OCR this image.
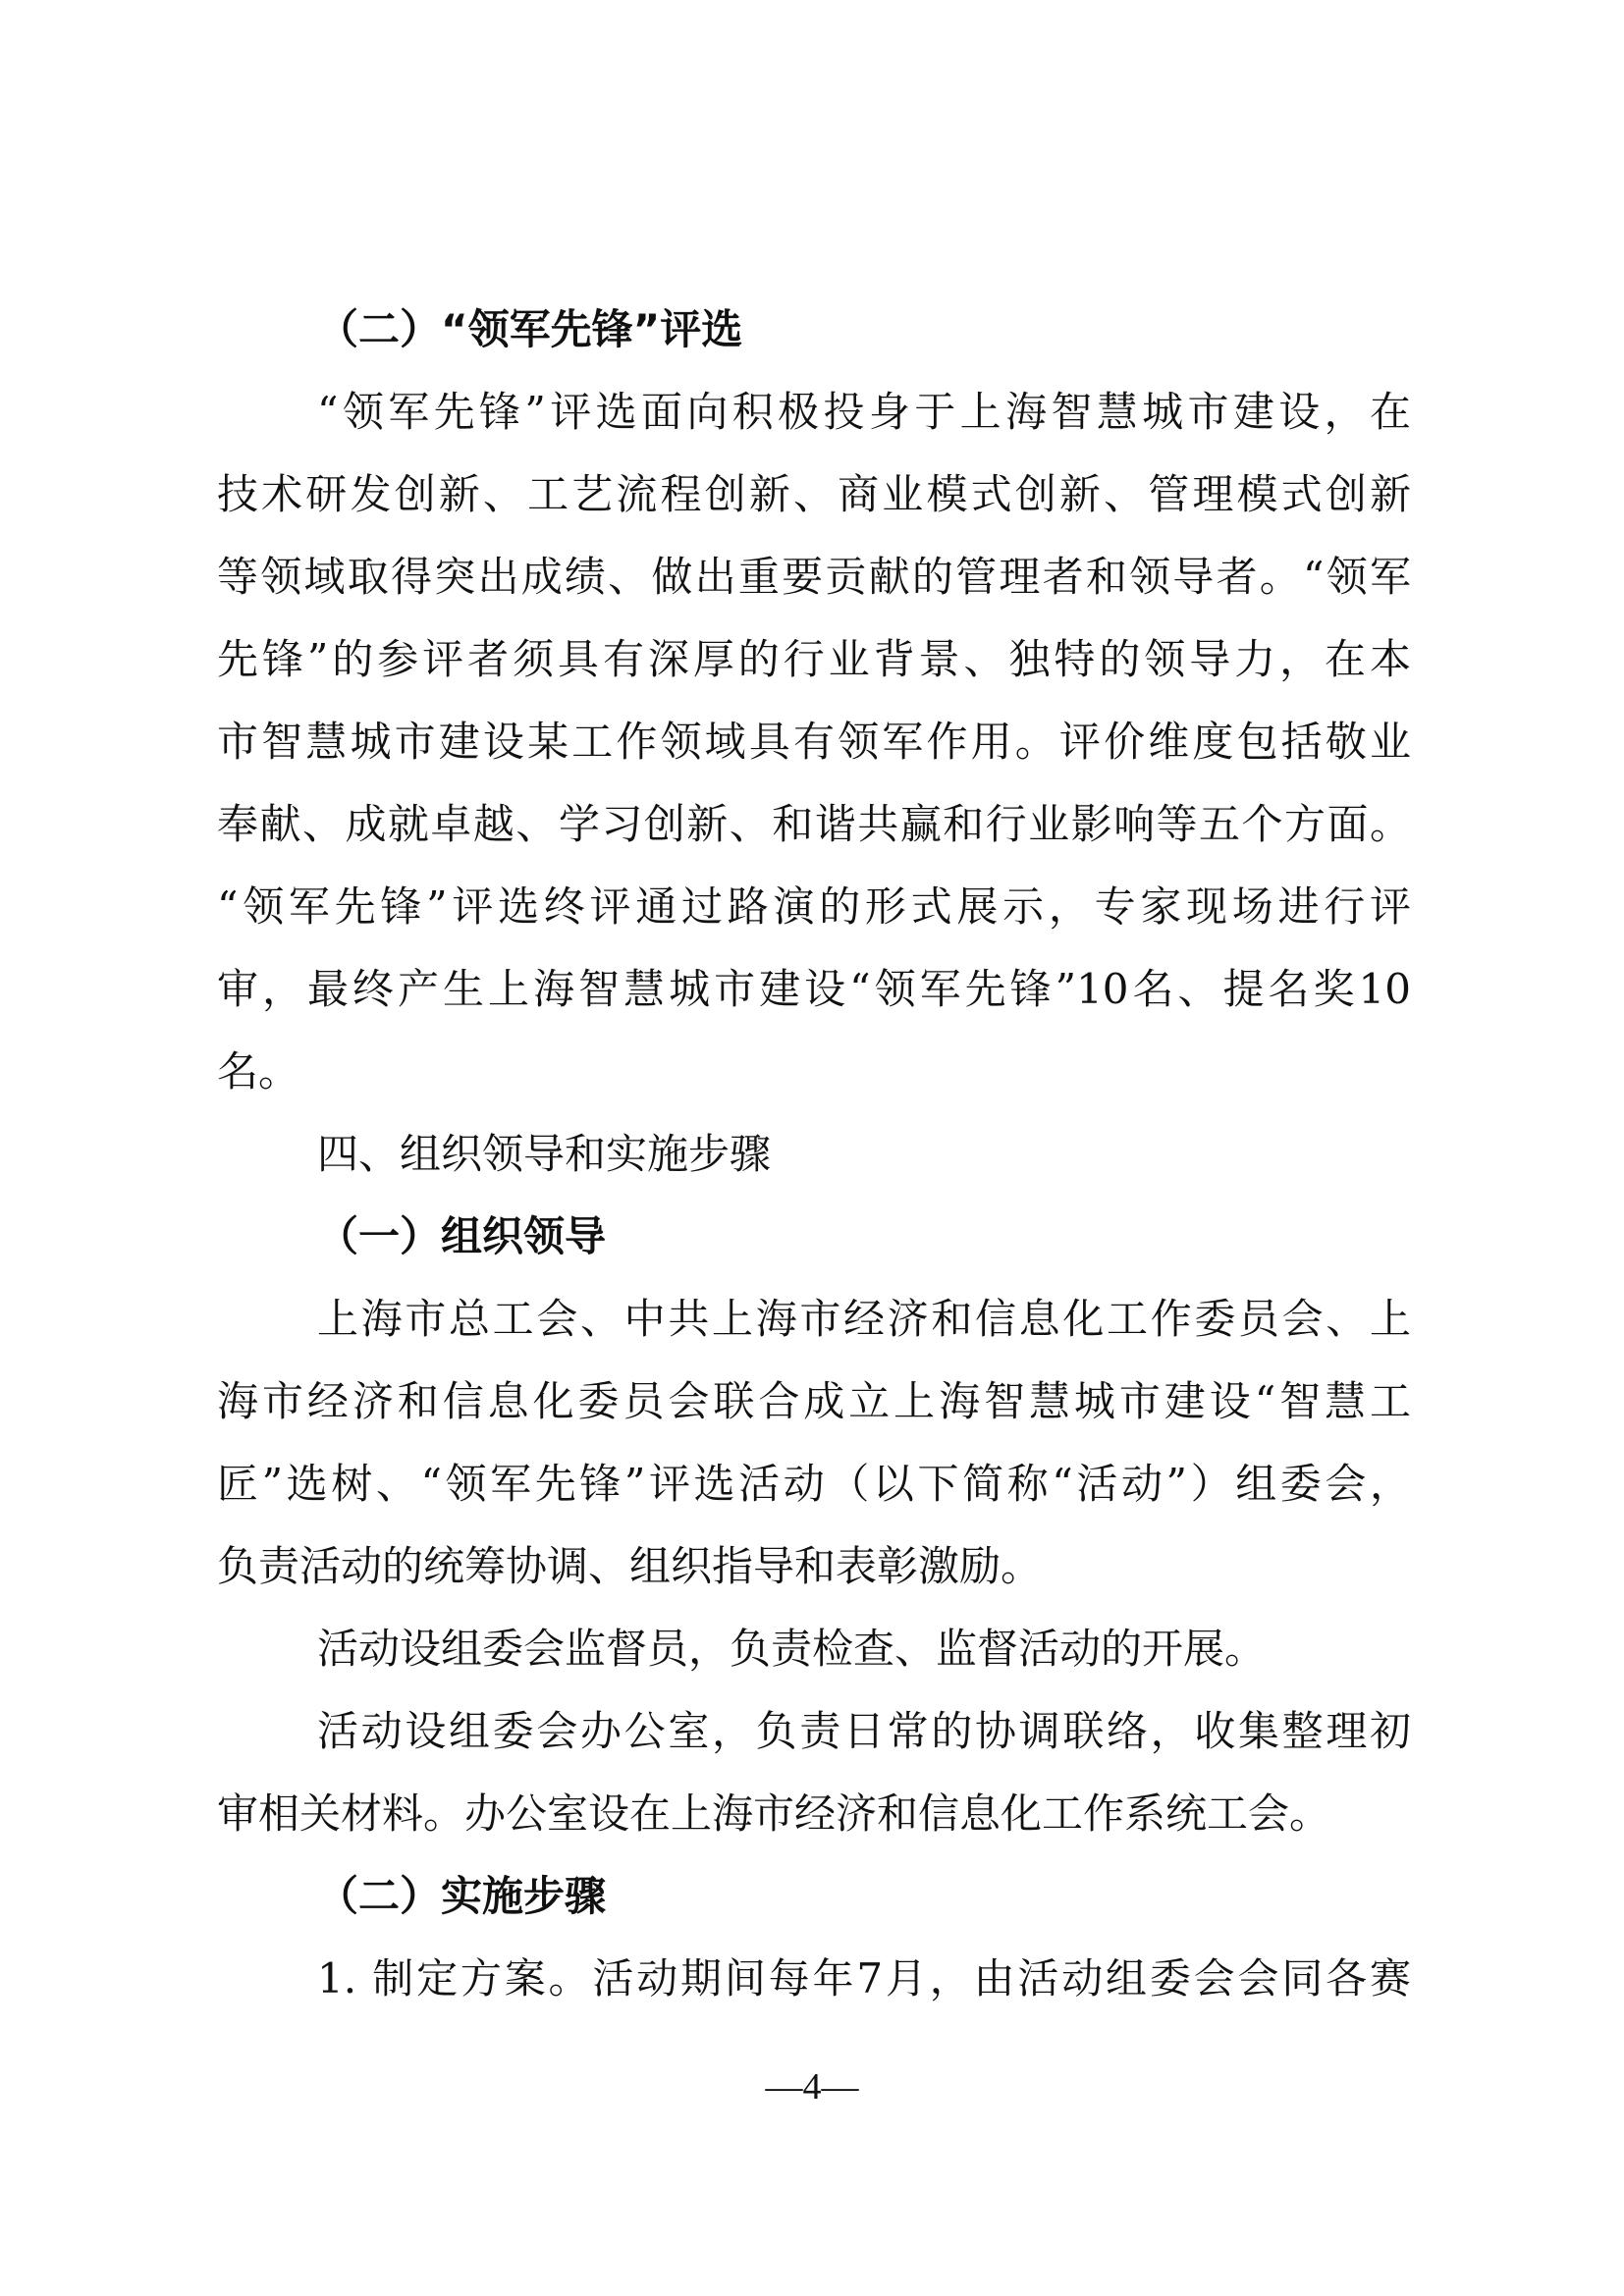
（二）“领军先锋”评选
“领军先锋”评选面向积极投身于上海智慧城市建设，在
技术研发创新、工艺流程创新、商业模式创新、管理模式创新
等领域取得突出成绩、做出重要贡献的管理者和领导者。“领军
先锋”的参评者须具有深厚的行业背景、独特的领导力，在本
市智慧城市建设某工作领域具有领军作用。评价维度包括敬业
奉献、成就卓越、学习创新、和谐共赢和行业影响等五个方面。
“领军先锋”评选终评通过路演的形式展示，专家现场进行评
审，最终产生上海智慧城市建设“领军先锋”10名、提名奖10
名。
四、组织领导和实施步骤
（一）组织领导
上海市总工会、中共上海市经济和信息化工作委员会、上
海市经济和信息化委员会联合成立上海智慧城市建设“智慧工
匠”选树、“领军先锋”评选活动（以下简称“活动”）组委会，
负责活动的统筹协调、组织指导和表彰激励。
活动设组委会监督员，负责检查、监督活动的开展。
活动设组委会办公室，负责日常的协调联络，收集整理初
审相关材料。办公室设在上海市经济和信息化工作系统工会。
（二）实施步骤
1. 制定方案。活动期间每年7月，由活动组委会会同各赛
—4—
